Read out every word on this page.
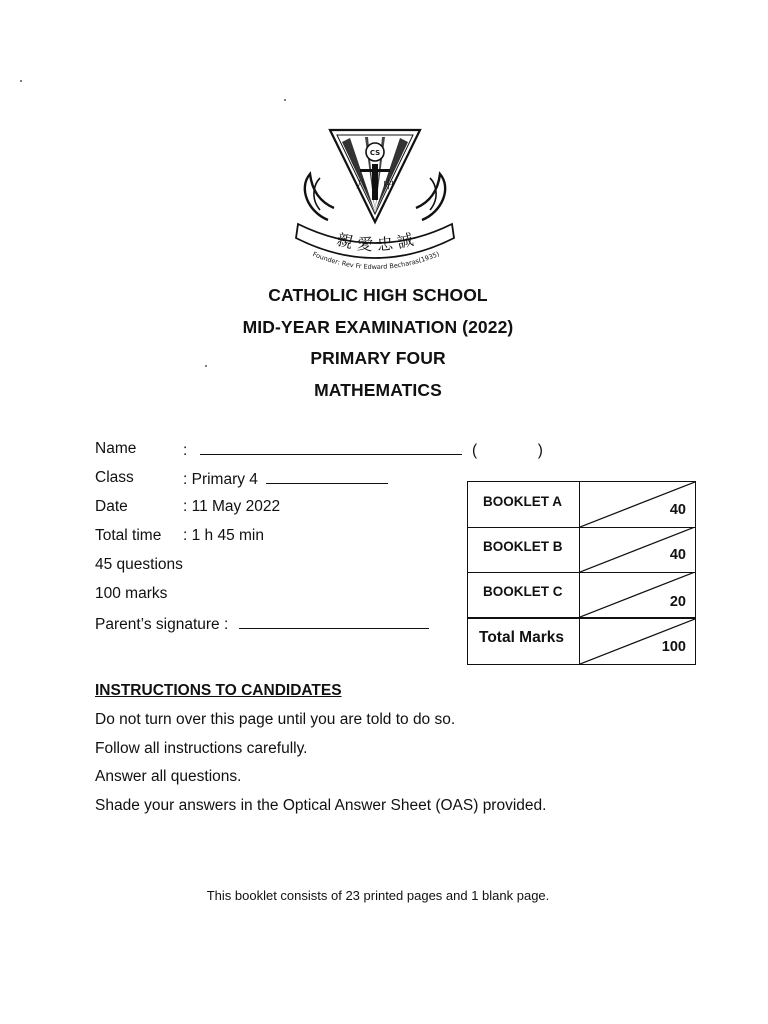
CS
八 中
親 愛 忠 誠
Founder: Rev Fr Edward Becharas(1935)
CATHOLIC HIGH SCHOOL
MID-YEAR EXAMINATION (2022)
PRIMARY FOUR
MATHEMATICS
Name	:	(	)
Class	: Primary 4
Date	: 11 May 2022
Total time : 1 h 45 min
45 questions
100 marks
Parent’s signature :
BOOKLET A
40
BOOKLET B
40
BOOKLET C
20
Total Marks
100
INSTRUCTIONS TO CANDIDATES
Do not turn over this page until you are told to do so.
Follow all instructions carefully.
Answer all questions.
Shade your answers in the Optical Answer Sheet (OAS) provided.
This booklet consists of 23 printed pages and 1 blank page.
